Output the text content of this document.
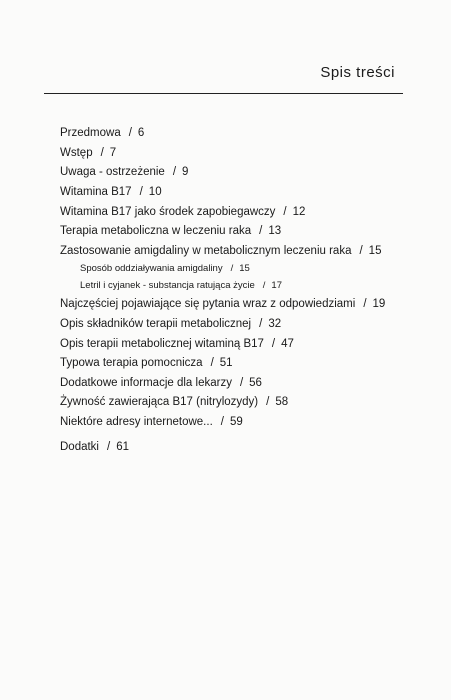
Spis treści
Przedmowa / 6
Wstęp / 7
Uwaga - ostrzeżenie / 9
Witamina B17 / 10
Witamina B17 jako środek zapobiegawczy / 12
Terapia metaboliczna w leczeniu raka / 13
Zastosowanie amigdaliny w metabolicznym leczeniu raka / 15
Sposób oddziaływania amigdaliny / 15
Letril i cyjanek - substancja ratująca życie / 17
Najczęściej pojawiające się pytania wraz z odpowiedziami / 19
Opis składników terapii metabolicznej / 32
Opis terapii metabolicznej witaminą B17 / 47
Typowa terapia pomocnicza / 51
Dodatkowe informacje dla lekarzy / 56
Żywność zawierająca B17 (nitrylozydy) / 58
Niektóre adresy internetowe... / 59
Dodatki / 61
